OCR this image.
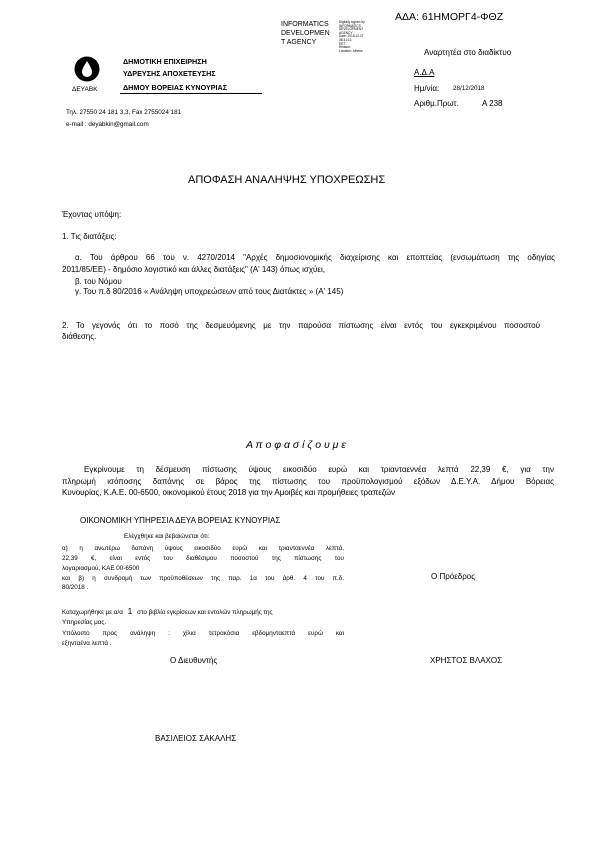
ΑΔΑ: 61ΗΜΟΡΓ4-ΦΘΖ
INFORMATICS
DEVELOPMEN
T AGENCY
Digitally signed by
INFORMATICS
DEVELOPMENT AGENCY
Date: 2018.12.27 08:31:13
EET
Reason:
Location: Athens
ΔΕΥΑΒΚ
ΔΗΜΟΤΙΚΗ ΕΠΙΧΕΙΡΗΣΗ
ΥΔΡΕΥΣΗΣ ΑΠΟΧΕΤΕΥΣΗΣ
ΔΗΜΟΥ ΒΟΡΕΙΑΣ ΚΥΝΟΥΡΙΑΣ
Τηλ. 27550 24 181 3,3, Fax 2755024 181
e-mail : deyabkin@gmail.com
Αναρτητέα στο διαδίκτυο
Α.Δ.Α
Ημ/νία: 28/12/2018
Αριθμ.Πρωτ.	Α 238
ΑΠΟΦΑΣΗ ΑΝΑΛΗΨΗΣ ΥΠΟΧΡΕΩΣΗΣ
Έχοντας υπόψη:
1. Τις διατάξεις:
α. Του άρθρου 66 του ν. 4270/2014 "Αρχές δημοσιονομικής διαχείρισης και εποπτείας (ενσωμάτωση της οδηγίας
2011/85/ΕΕ) - δημόσιο λογιστικό και άλλες διατάξεις" (Α' 143) όπως ισχύει,
β. του Νόμου
γ. Του π.δ 80/2016 « Ανάληψη υποχρεώσεων από τους Διατάκτες » (Α' 145)
2. Το γεγονός ότι το ποσό της δεσμευόμενης με την παρούσα πίστωσης είναι εντός του εγκεκριμένου ποσοστού
διάθεσης.
Α π ο φ α σ ί ζ ο υ μ ε
Εγκρίνουμε τη δέσμευση πίστωσης ύψους εικοσιδύο ευρώ και τριανταεννέα λεπτά 22,39 €, για την
πληρωμή ισόποσης δαπάνης σε βάρος της πίστωσης του προϋπολογισμού εξόδων Δ.Ε.Υ.Α. Δήμου Βόρειας
Κυνουρίας, Κ.Α.Ε. 00-6500, οικονομικού έτους 2018 για την Αμοιβές και προμήθειες τραπεζών
ΟΙΚΟΝΟΜΙΚΗ ΥΠΗΡΕΣΙΑ ΔΕΥΑ ΒΟΡΕΙΑΣ ΚΥΝΟΥΡΙΑΣ
Ελέγχθηκε και βεβαιώνεται ότι:
α) η ανωτέρω δαπάνη ύψους εικοσιδύο ευρώ και τριανταεννέα λεπτά,
22,39 €, είναι εντός του διαθέσιμου ποσοστού της πίστωσης του
λογαριασμού, ΚΑΕ 00-6500
και β) η συνδρομή των προϋποθέσεων της παρ. 1α του άρθ. 4 του π.δ.
80/2018 .
Ο Πρόεδρος
Καταχωρήθηκε με α/α 1 στο βιβλίο εγκρίσεων και εντολών πληρωμής της
Υπηρεσίας μας.
Υπόλοιπο προς ανάληψη : χίλια τετρακόσια εβδομηνταεπτά ευρώ και
εξηνταένα λεπτά .
Ο Διευθυντής	ΧΡΗΣΤΟΣ ΒΛΑΧΟΣ
ΒΑΣΙΛΕΙΟΣ ΣΑΚΑΛΗΣ
